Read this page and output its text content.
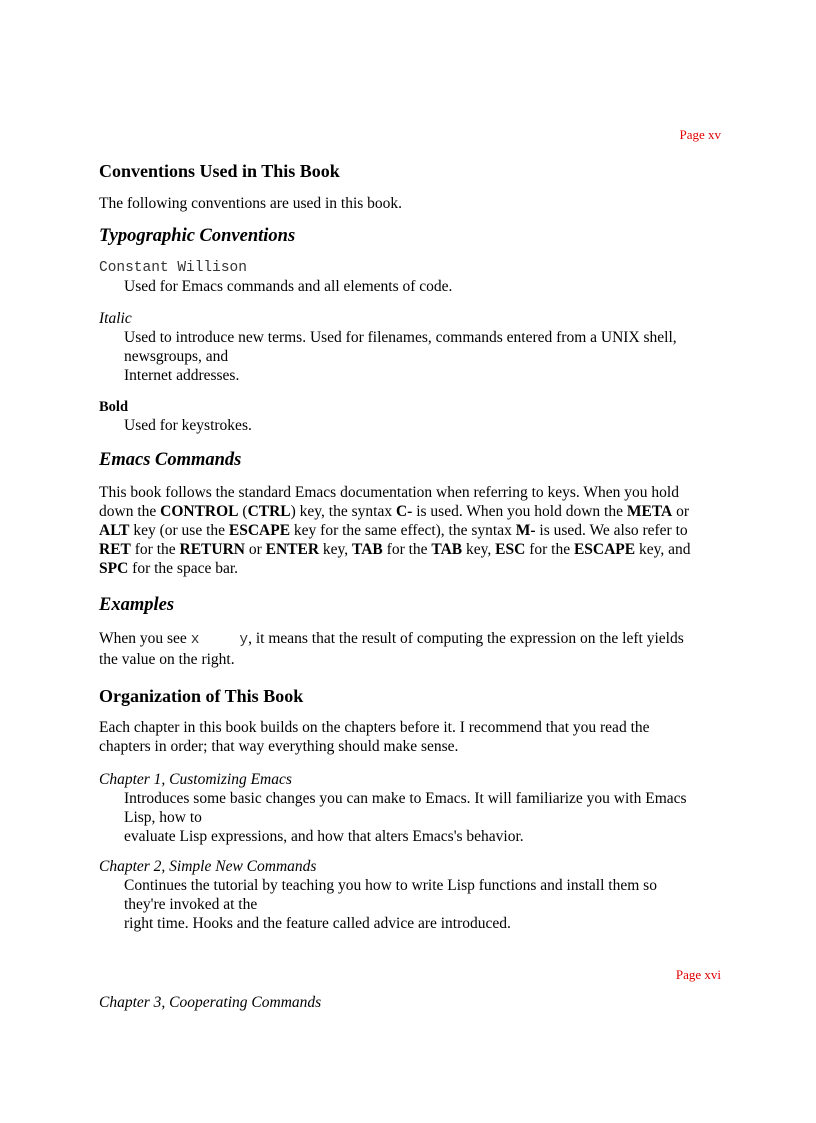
Page xv
Conventions Used in This Book

The following conventions are used in this book.

Typographic Conventions
Constant Willison
Used for Emacs commands and all elements of code.
Italic
Used to introduce new terms. Used for filenames, commands entered from a UNIX shell,
newsgroups, and
Internet addresses.
Bold
Used for keystrokes.
Emacs Commands

This book follows the standard Emacs documentation when referring to keys. When you hold
down the CONTROL (CTRL) key, the syntax C- is used. When you hold down the META or
ALT key (or use the ESCAPE key for the same effect), the syntax M- is used. We also refer to
RET for the RETURN or ENTER key, TAB for the TAB key, ESC for the ESCAPE key, and
SPC for the space bar.

Examples

When you see x	y, it means that the result of computing the expression on the left yields
the value on the right.

Organization of This Book

Each chapter in this book builds on the chapters before it. I recommend that you read the
chapters in order; that way everything should make sense.

Chapter 1, Customizing Emacs
Introduces some basic changes you can make to Emacs. It will familiarize you with Emacs
Lisp, how to
evaluate Lisp expressions, and how that alters Emacs's behavior.
Chapter 2, Simple New Commands
Continues the tutorial by teaching you how to write Lisp functions and install them so
they're invoked at the
right time. Hooks and the feature called advice are introduced.
Page xvi
Chapter 3, Cooperating Commands
